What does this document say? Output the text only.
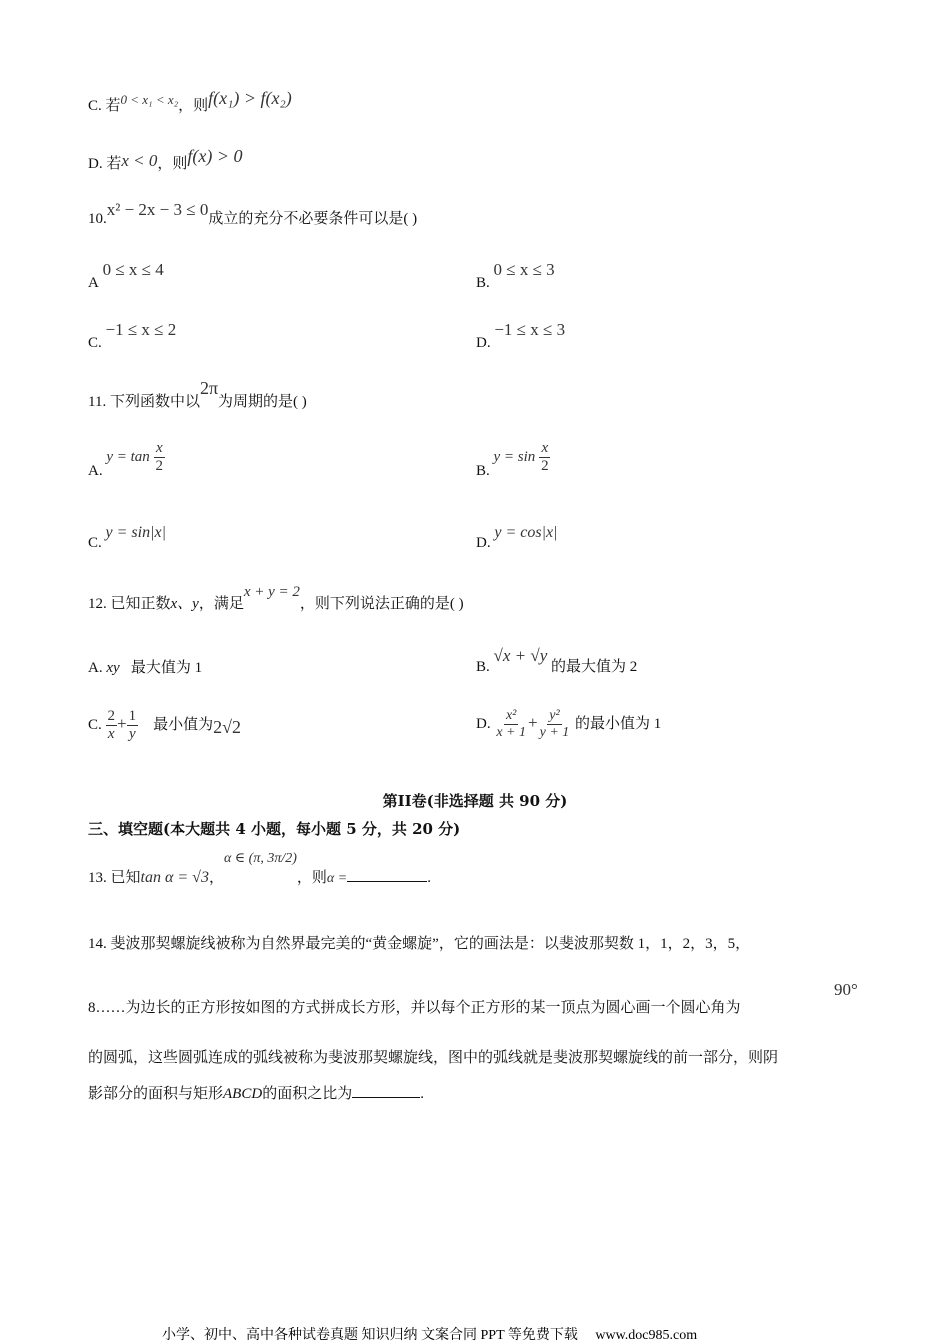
C. 若0 < x₁ < x₂，则f(x₁) > f(x₂)
D. 若x < 0，则f(x) > 0
10.x² − 2x − 3 ≤ 0成立的充分不必要条件可以是( )
A 0 ≤ x ≤ 4
B. 0 ≤ x ≤ 3
C. −1 ≤ x ≤ 2
D. −1 ≤ x ≤ 3
11. 下列函数中以2π为周期的是( )
A. $y = \tan \frac{x}{2}$	B. $y = \sin \frac{x}{2}$
C. y = sin|x|
D. y = cos|x|
12. 已知正数x、y，满足x + y = 2，则下列说法正确的是( )
A. xy 最大值为 1	B. √x + √y 的最大值为 2
C. $\frac{2}{x} + \frac{1}{y}$ 最小值为2√2	D. $\frac{\text{x²}}{x + 1} + \frac{\text{y²}}{y + 1}$ 的最小值为 1
第II卷(非选择题 共 90 分)
三、填空题(本大题共 4 小题，每小题 5 分，共 20 分)
13. 已知tan α = √3，α ∈ (π, 3π/2)，则α =	.
14. 斐波那契螺旋线被称为自然界最完美的“黄金螺旋”，它的画法是：以斐波那契数 1，1，2，3，5，
8……为边长的正方形按如图的方式拼成长方形，并以每个正方形的某一顶点为圆心画一个圆心角为
90°
的圆弧，这些圆弧连成的弧线被称为斐波那契螺旋线，图中的弧线就是斐波那契螺旋线的前一部分，则阴
影部分的面积与矩形ABCD的面积之比为	.
小学、初中、高中各种试卷真题 知识归纳 文案合同 PPT 等免费下载 www.doc985.com
